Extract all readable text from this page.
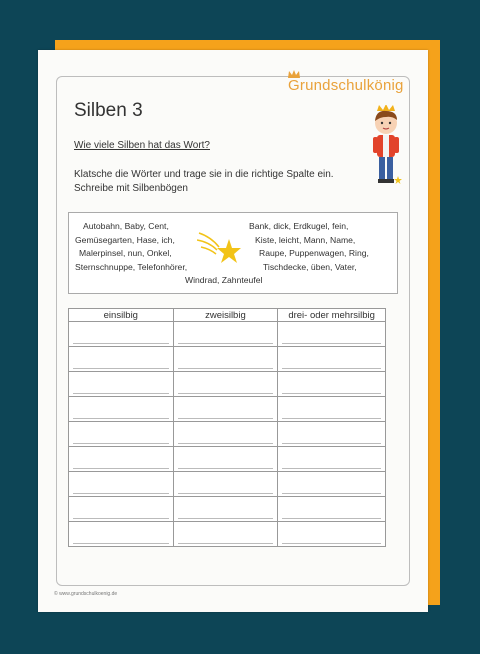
Grundschulkönig
Silben 3
Wie viele Silben hat das Wort?
Klatsche die Wörter und trage sie in die richtige Spalte ein.
Schreibe mit Silbenbögen
Autobahn, Baby, Cent,
Gemüsegarten, Hase, ich,
Malerpinsel, nun, Onkel,
Sternschnuppe, Telefonhörer,
Bank, dick, Erdkugel, fein,
Kiste, leicht, Mann, Name,
Raupe, Puppenwagen, Ring,
Tischdecke, üben, Vater,
Windrad, Zahnteufel
einsilbig	zweisilbig	drei- oder mehrsilbig

© www.grundschulkoenig.de
